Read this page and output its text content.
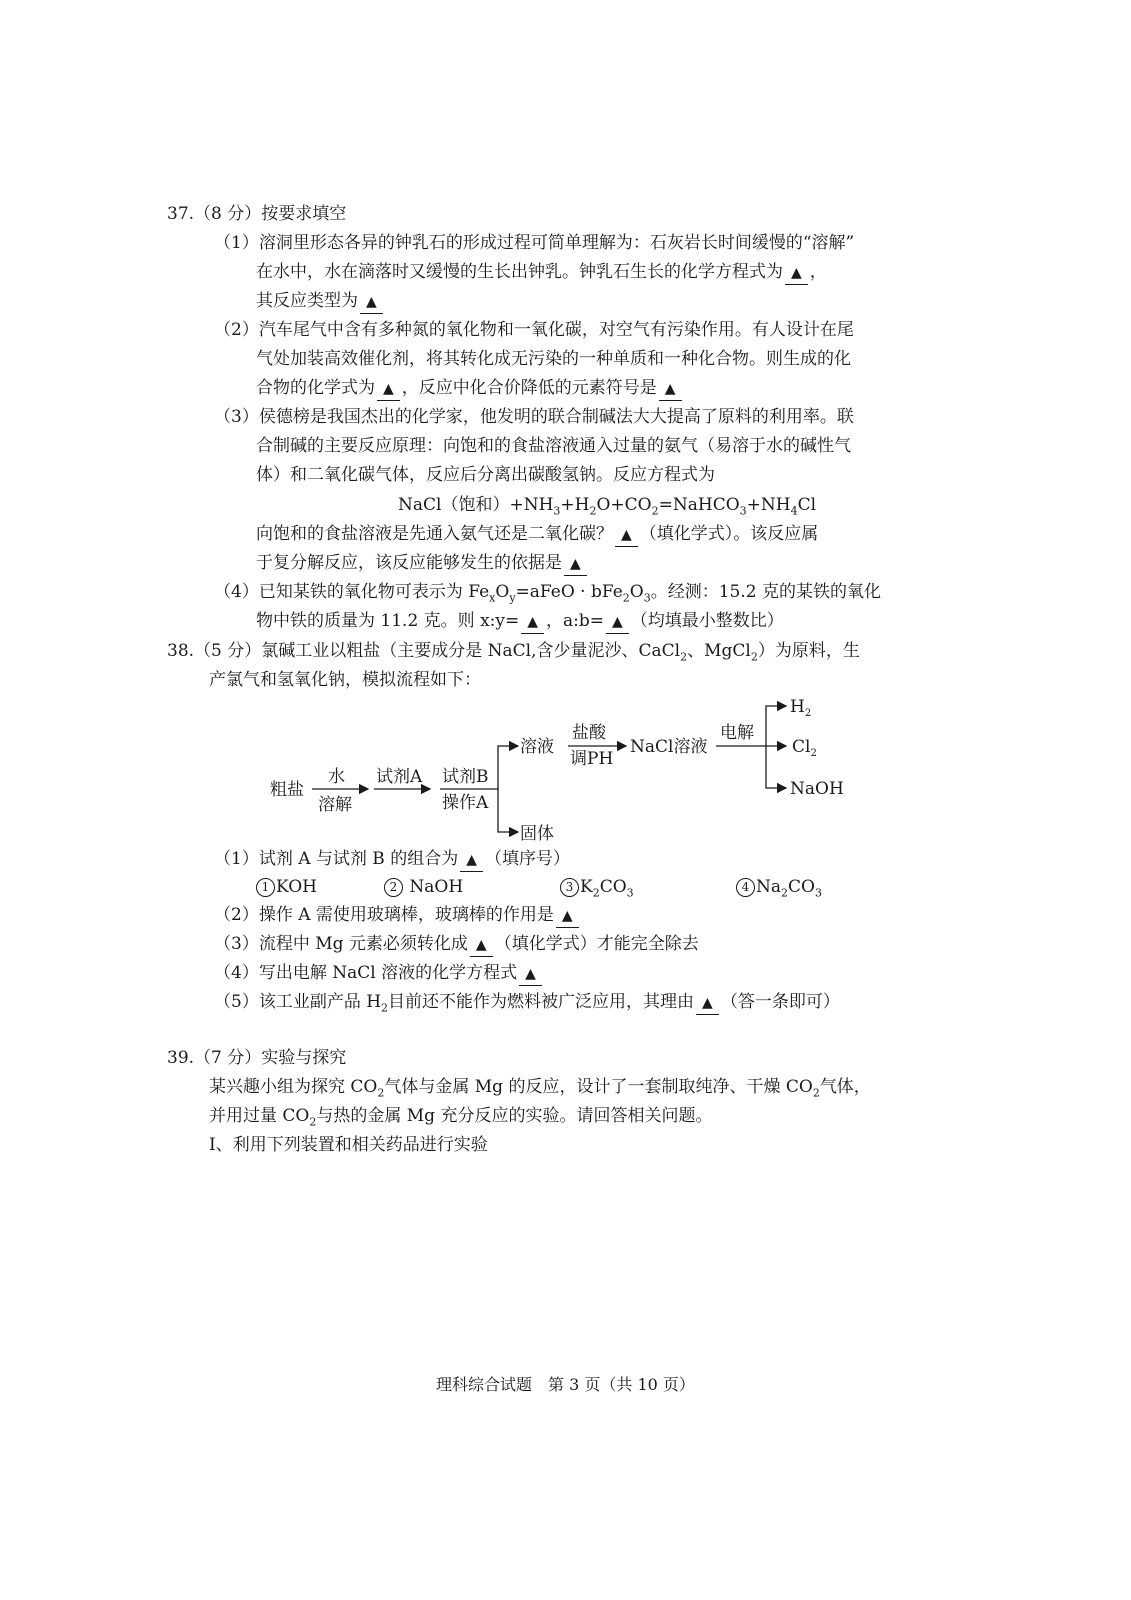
37.（8 分）按要求填空
（1）溶洞里形态各异的钟乳石的形成过程可简单理解为：石灰岩长时间缓慢的“溶解”
在水中，水在滴落时又缓慢的生长出钟乳。钟乳石生长的化学方程式为 ▲ ，
其反应类型为 ▲
（2）汽车尾气中含有多种氮的氧化物和一氧化碳，对空气有污染作用。有人设计在尾
气处加装高效催化剂，将其转化成无污染的一种单质和一种化合物。则生成的化
合物的化学式为 ▲ ，反应中化合价降低的元素符号是 ▲
（3）侯德榜是我国杰出的化学家，他发明的联合制碱法大大提高了原料的利用率。联
合制碱的主要反应原理：向饱和的食盐溶液通入过量的氨气（易溶于水的碱性气
体）和二氧化碳气体，反应后分离出碳酸氢钠。反应方程式为
NaCl（饱和）$+NH_3+H_2O+CO_2=NaHCO_3+NH_4Cl$
向饱和的食盐溶液是先通入氨气还是二氧化碳？ ▲ （填化学式）。该反应属
于复分解反应，该反应能够发生的依据是 ▲
（4）已知某铁的氧化物可表示为 $Fe_xO_y=aFeO \cdot bFe_2O_3$。经测：15.2 克的某铁的氧化
物中铁的质量为 11.2 克。则 x:y= ▲ ，a:b= ▲ （均填最小整数比）
38.（5 分）氯碱工业以粗盐（主要成分是 NaCl,含少量泥沙、CaCl$_2$、MgCl$_2$）为原料，生
产氯气和氢氧化钠，模拟流程如下：
粗盐
水
溶解
试剂A 试剂B
操作A
溶液
固体
盐酸
调PH
NaCl溶液
电解
$H_2$
$Cl_2$
NaOH
（1）试剂 A 与试剂 B 的组合为 ▲ （填序号）
1 KOH	2 NaOH	3 $K_2CO_3$	4 $Na_2CO_3$
（2）操作 A 需使用玻璃棒，玻璃棒的作用是 ▲
（3）流程中 Mg 元素必须转化成 ▲ （填化学式）才能完全除去
（4）写出电解 NaCl 溶液的化学方程式 ▲
（5）该工业副产品 $H_2$目前还不能作为燃料被广泛应用，其理由 ▲ （答一条即可）
39.（7 分）实验与探究
某兴趣小组为探究 $CO_2$气体与金属 Mg 的反应，设计了一套制取纯净、干燥 $CO_2$气体，
并用过量 $CO_2$与热的金属 Mg 充分反应的实验。请回答相关问题。
Ⅰ、利用下列装置和相关药品进行实验
理科综合试题　第 3 页（共 10 页）
